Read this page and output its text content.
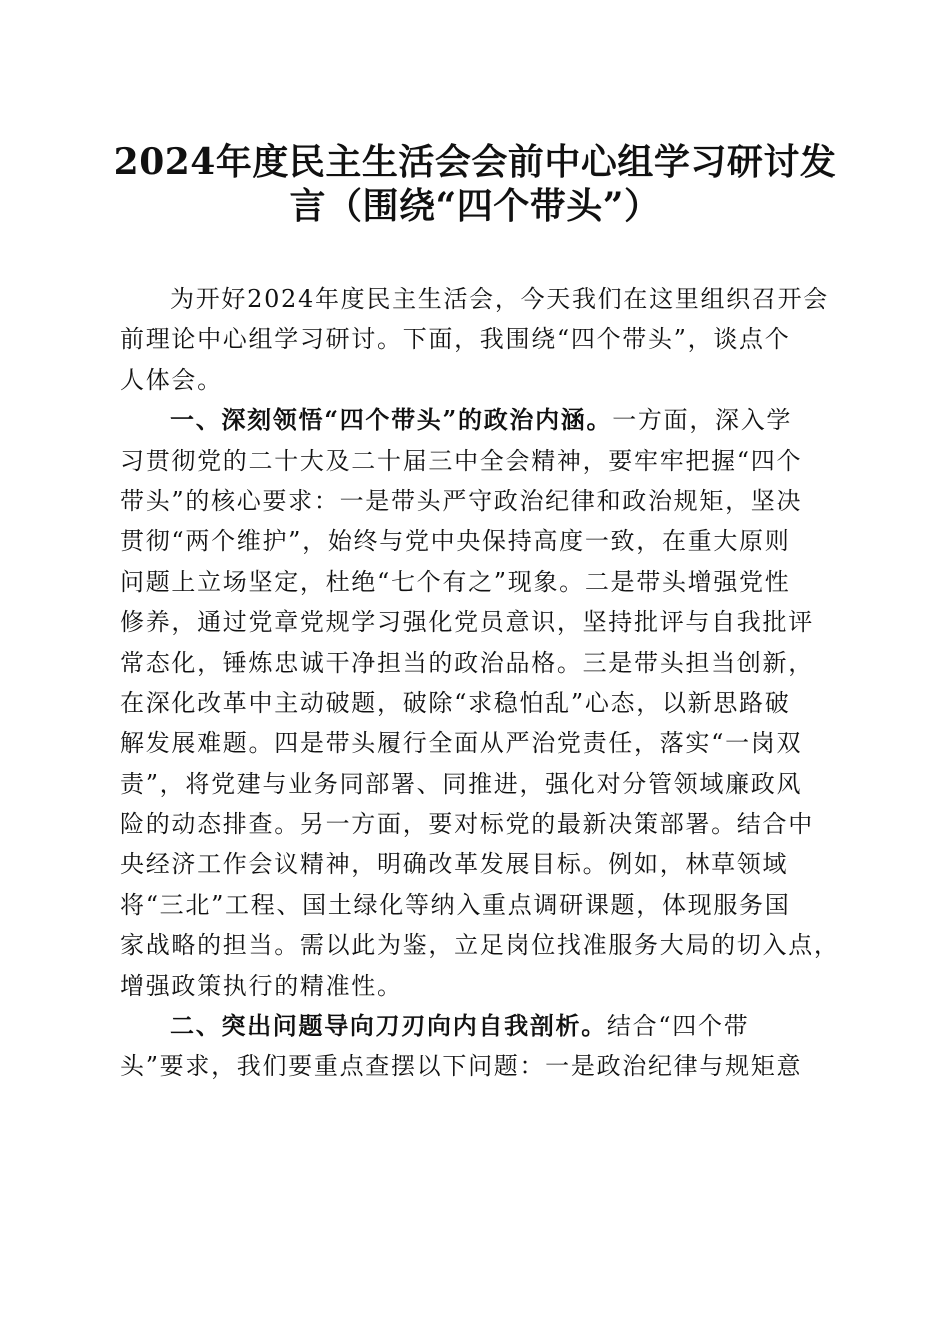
2024年度民主生活会会前中心组学习研讨发
言（围绕“四个带头”）
为开好2024年度民主生活会，今天我们在这里组织召开会
前理论中心组学习研讨。下面，我围绕“四个带头”，谈点个
人体会。
一、深刻领悟“四个带头”的政治内涵。一方面，深入学
习贯彻党的二十大及二十届三中全会精神，要牢牢把握“四个
带头”的核心要求：一是带头严守政治纪律和政治规矩，坚决
贯彻“两个维护”，始终与党中央保持高度一致，在重大原则
问题上立场坚定，杜绝“七个有之”现象。二是带头增强党性
修养，通过党章党规学习强化党员意识，坚持批评与自我批评
常态化，锤炼忠诚干净担当的政治品格。三是带头担当创新，
在深化改革中主动破题，破除“求稳怕乱”心态，以新思路破
解发展难题。四是带头履行全面从严治党责任，落实“一岗双
责”，将党建与业务同部署、同推进，强化对分管领域廉政风
险的动态排查。另一方面，要对标党的最新决策部署。结合中
央经济工作会议精神，明确改革发展目标。例如，林草领域
将“三北”工程、国土绿化等纳入重点调研课题，体现服务国
家战略的担当。需以此为鉴，立足岗位找准服务大局的切入点，
增强政策执行的精准性。
二、突出问题导向刀刃向内自我剖析。结合“四个带
头”要求，我们要重点查摆以下问题：一是政治纪律与规矩意
